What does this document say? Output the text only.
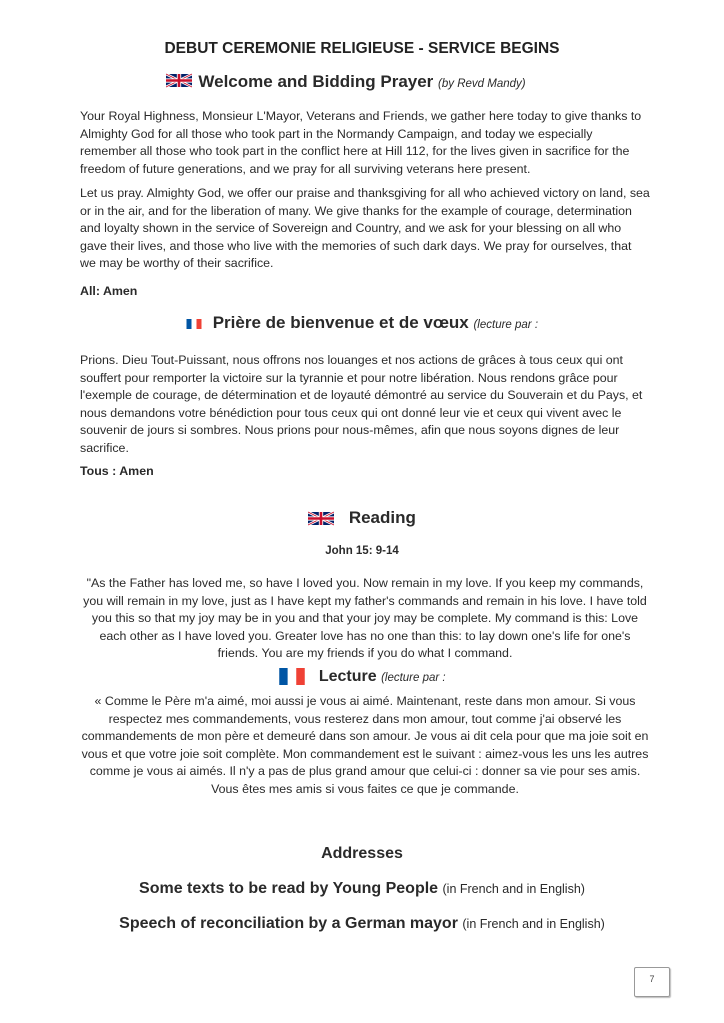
DEBUT CEREMONIE RELIGIEUSE - SERVICE BEGINS
Welcome and Bidding Prayer (by Revd Mandy)

Your Royal Highness, Monsieur L'Mayor, Veterans and Friends, we gather here today to give thanks to Almighty God for all those who took part in the Normandy Campaign, and today we especially remember all those who took part in the conflict here at Hill 112, for the lives given in sacrifice for the freedom of future generations, and we pray for all surviving veterans here present.

Let us pray. Almighty God, we offer our praise and thanksgiving for all who achieved victory on land, sea or in the air, and for the liberation of many. We give thanks for the example of courage, determination and loyalty shown in the service of Sovereign and Country, and we ask for your blessing on all who gave their lives, and those who live with the memories of such dark days. We pray for ourselves, that we may be worthy of their sacrifice.

All: Amen

Prière de bienvenue et de vœux (lecture par :

Prions. Dieu Tout-Puissant, nous offrons nos louanges et nos actions de grâces à tous ceux qui ont souffert pour remporter la victoire sur la tyrannie et pour notre libération. Nous rendons grâce pour l'exemple de courage, de détermination et de loyauté démontré au service du Souverain et du Pays, et nous demandons votre bénédiction pour tous ceux qui ont donné leur vie et ceux qui vivent avec le souvenir de jours si sombres. Nous prions pour nous-mêmes, afin que nous soyons dignes de leur sacrifice.

Tous : Amen

Reading
John 15: 9-14

"As the Father has loved me, so have I loved you. Now remain in my love. If you keep my commands, you will remain in my love, just as I have kept my father's commands and remain in his love. I have told you this so that my joy may be in you and that your joy may be complete. My command is this: Love each other as I have loved you. Greater love has no one than this: to lay down one's life for one's friends. You are my friends if you do what I command.

Lecture (lecture par :

« Comme le Père m'a aimé, moi aussi je vous ai aimé. Maintenant, reste dans mon amour. Si vous respectez mes commandements, vous resterez dans mon amour, tout comme j'ai observé les commandements de mon père et demeuré dans son amour. Je vous ai dit cela pour que ma joie soit en vous et que votre joie soit complète. Mon commandement est le suivant : aimez-vous les uns les autres comme je vous ai aimés. Il n'y a pas de plus grand amour que celui-ci : donner sa vie pour ses amis. Vous êtes mes amis si vous faites ce que je commande.

Addresses
Some texts to be read by Young People (in French and in English)
Speech of reconciliation by a German mayor (in French and in English)
7
